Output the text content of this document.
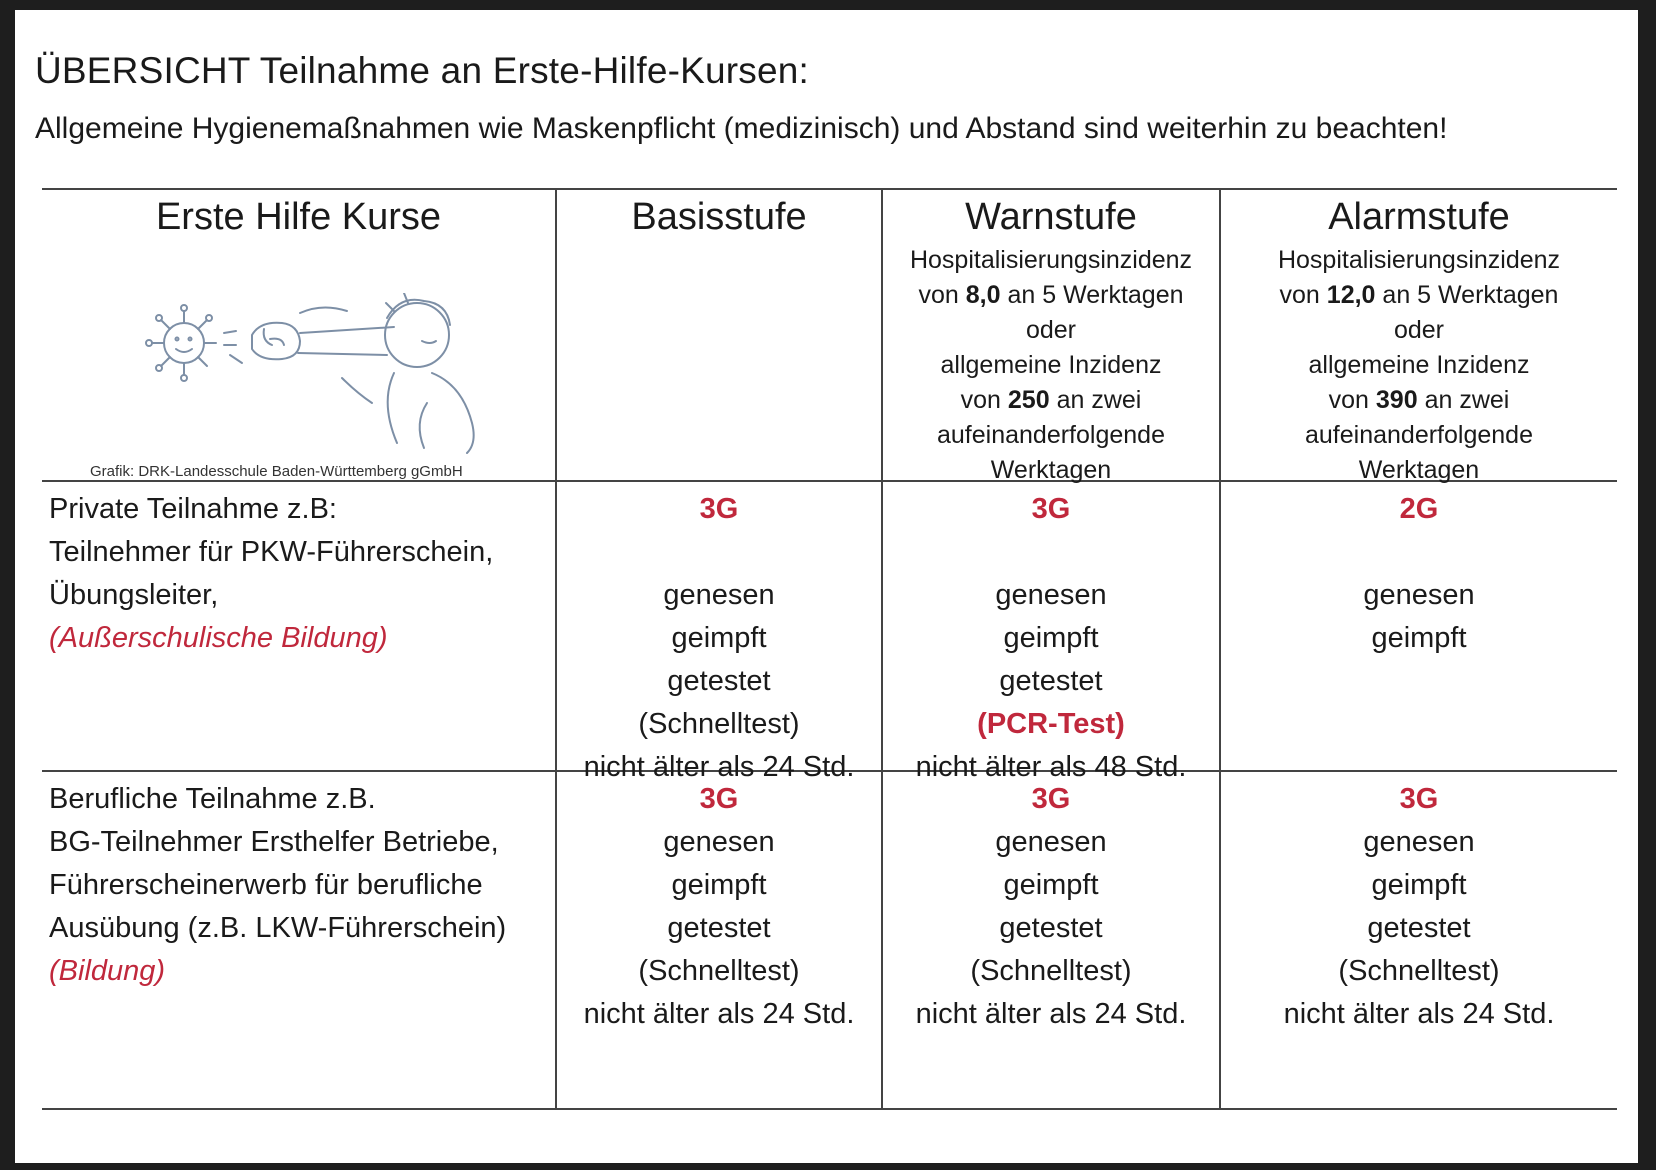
ÜBERSICHT Teilnahme an Erste-Hilfe-Kursen:
Allgemeine Hygienemaßnahmen wie Maskenpflicht (medizinisch) und Abstand sind weiterhin zu beachten!
Erste Hilfe Kurse
Grafik: DRK-Landesschule Baden-Württemberg gGmbH
Basisstufe	Warnstufe
Hospitalisierungsinzidenz
von 8,0 an 5 Werktagen
oder
allgemeine Inzidenz
von 250 an zwei
aufeinanderfolgende
Werktagen
Alarmstufe
Hospitalisierungsinzidenz
von 12,0 an 5 Werktagen
oder
allgemeine Inzidenz
von 390 an zwei
aufeinanderfolgende
Werktagen
Private Teilnahme z.B:
Teilnehmer für PKW-Führerschein,
Übungsleiter,
(Außerschulische Bildung)
3G
genesen
geimpft
getestet
(Schnelltest)
nicht älter als 24 Std.
3G
genesen
geimpft
getestet
(PCR-Test)
nicht älter als 48 Std.
2G
genesen
geimpft
Berufliche Teilnahme z.B.
BG-Teilnehmer Ersthelfer Betriebe,
Führerscheinerwerb für berufliche
Ausübung (z.B. LKW-Führerschein)
(Bildung)
3G
genesen
geimpft
getestet
(Schnelltest)
nicht älter als 24 Std.
3G
genesen
geimpft
getestet
(Schnelltest)
nicht älter als 24 Std.
3G
genesen
geimpft
getestet
(Schnelltest)
nicht älter als 24 Std.
